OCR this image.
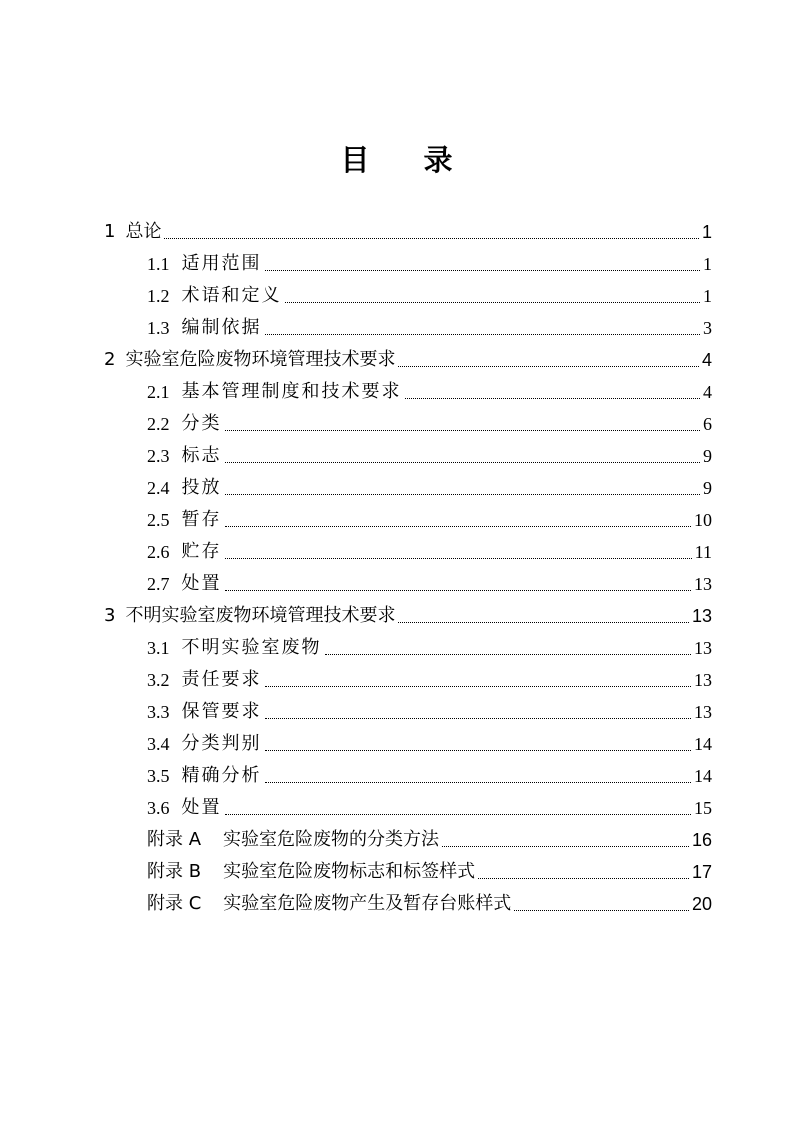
目 录
1 总论	1
1.1 适用范围	1
1.2 术语和定义	1
1.3 编制依据	3
2 实验室危险废物环境管理技术要求	4
2.1 基本管理制度和技术要求	4
2.2 分类	6
2.3 标志	9
2.4 投放	9
2.5 暂存	10
2.6 贮存	11
2.7 处置	13
3 不明实验室废物环境管理技术要求	13
3.1 不明实验室废物	13
3.2 责任要求	13
3.3 保管要求	13
3.4 分类判别	14
3.5 精确分析	14
3.6 处置	15
附录 A 实验室危险废物的分类方法	16
附录 B 实验室危险废物标志和标签样式	17
附录 C 实验室危险废物产生及暂存台账样式	20
